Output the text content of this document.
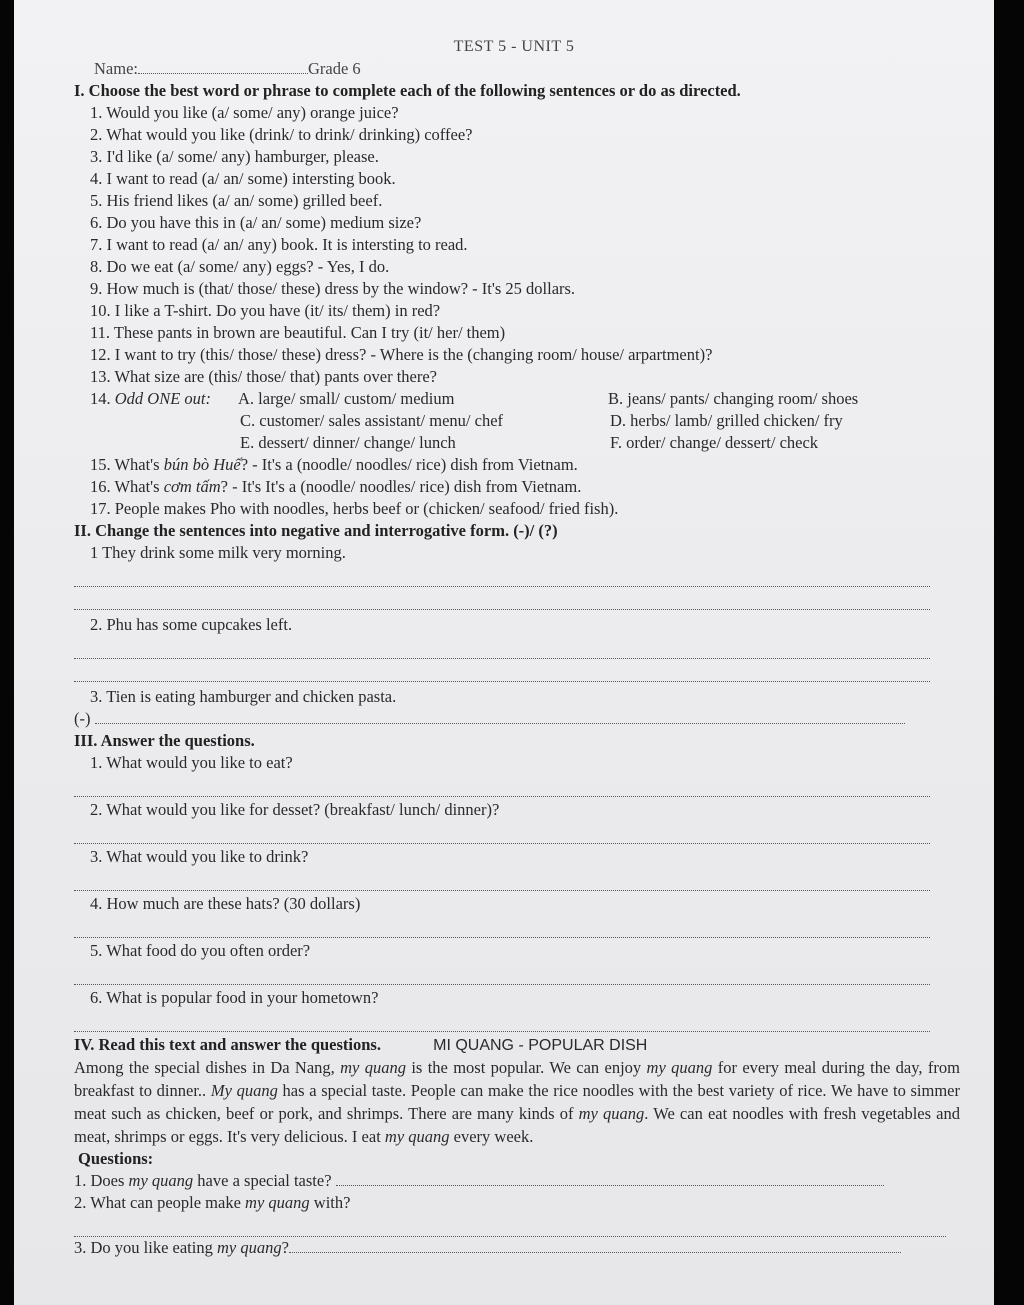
TEST 5 - UNIT 5
Name:	Grade 6
I. Choose the best word or phrase to complete each of the following sentences or do as directed.
1. Would you like (a/ some/ any) orange juice?
2. What would you like (drink/ to drink/ drinking) coffee?
3. I'd like (a/ some/ any) hamburger, please.
4. I want to read (a/ an/ some) intersting book.
5. His friend likes (a/ an/ some) grilled beef.
6. Do you have this in (a/ an/ some) medium size?
7. I want to read (a/ an/ any) book. It is intersting to read.
8. Do we eat (a/ some/ any) eggs? - Yes, I do.
9. How much is (that/ those/ these) dress by the window? - It's 25 dollars.
10. I like a T-shirt. Do you have (it/ its/ them) in red?
11. These pants in brown are beautiful. Can I try (it/ her/ them)
12. I want to try (this/ those/ these) dress? - Where is the (changing room/ house/ arpartment)?
13. What size are (this/ those/ that) pants over there?
14. Odd ONE out:	A. large/ small/ custom/ medium	B. jeans/ pants/ changing room/ shoes
C. customer/ sales assistant/ menu/ chef	D. herbs/ lamb/ grilled chicken/ fry
E. dessert/ dinner/ change/ lunch	F. order/ change/ dessert/ check
15. What's bún bò Huế? - It's a (noodle/ noodles/ rice) dish from Vietnam.
16. What's cơm tấm? - It's It's a (noodle/ noodles/ rice) dish from Vietnam.
17. People makes Pho with noodles, herbs beef or (chicken/ seafood/ fried fish).
II. Change the sentences into negative and interrogative form. (-)/ (?)
1 They drink some milk very morning.
2. Phu has some cupcakes left.
3. Tien is eating hamburger and chicken pasta.
(-)
III. Answer the questions.
1. What would you like to eat?
2. What would you like for desset? (breakfast/ lunch/ dinner)?
3. What would you like to drink?
4. How much are these hats? (30 dollars)
5. What food do you often order?
6. What is popular food in your hometown?
IV. Read this text and answer the questions.	MI QUANG - POPULAR DISH
Among the special dishes in Da Nang, my quang is the most popular. We can enjoy my quang for every meal during the day, from breakfast to dinner.. My quang has a special taste. People can make the rice noodles with the best variety of rice. We have to simmer meat such as chicken, beef or pork, and shrimps. There are many kinds of my quang. We can eat noodles with fresh vegetables and meat, shrimps or eggs. It's very delicious. I eat my quang every week.
Questions:
1. Does my quang have a special taste?
2. What can people make my quang with?
3. Do you like eating my quang?
